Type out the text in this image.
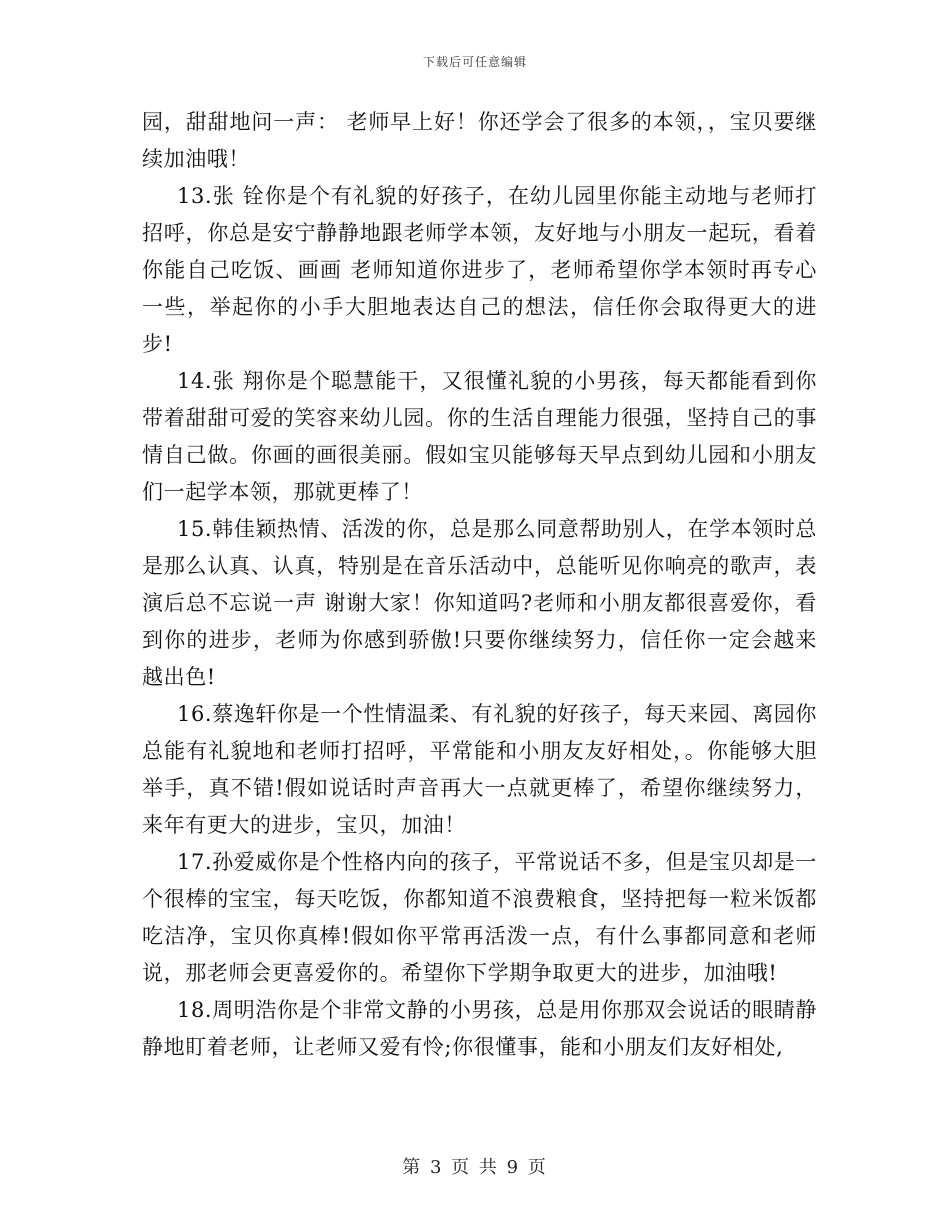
下载后可任意编辑

园，甜甜地问一声： 老师早上好！你还学会了很多的本领，，宝贝要继续加油哦！

13.张 铨你是个有礼貌的好孩子，在幼儿园里你能主动地与老师打招呼，你总是安宁静静地跟老师学本领，友好地与小朋友一起玩，看着你能自己吃饭、画画 老师知道你进步了，老师希望你学本领时再专心一些，举起你的小手大胆地表达自己的想法，信任你会取得更大的进步!

14.张 翔你是个聪慧能干，又很懂礼貌的小男孩，每天都能看到你带着甜甜可爱的笑容来幼儿园。你的生活自理能力很强，坚持自己的事情自己做。你画的画很美丽。假如宝贝能够每天早点到幼儿园和小朋友们一起学本领，那就更棒了！

15.韩佳颖热情、活泼的你，总是那么同意帮助别人，在学本领时总是那么认真、认真，特别是在音乐活动中，总能听见你响亮的歌声，表演后总不忘说一声 谢谢大家！你知道吗?老师和小朋友都很喜爱你，看到你的进步，老师为你感到骄傲!只要你继续努力，信任你一定会越来越出色!

16.蔡逸轩你是一个性情温柔、有礼貌的好孩子，每天来园、离园你总能有礼貌地和老师打招呼，平常能和小朋友友好相处，。你能够大胆举手，真不错!假如说话时声音再大一点就更棒了，希望你继续努力，来年有更大的进步，宝贝，加油！

17.孙爱威你是个性格内向的孩子，平常说话不多，但是宝贝却是一个很棒的宝宝，每天吃饭，你都知道不浪费粮食，坚持把每一粒米饭都吃洁净，宝贝你真棒!假如你平常再活泼一点，有什么事都同意和老师说，那老师会更喜爱你的。希望你下学期争取更大的进步，加油哦!

18.周明浩你是个非常文静的小男孩，总是用你那双会说话的眼睛静静地盯着老师，让老师又爱有怜;你很懂事，能和小朋友们友好相处,

第 3 页 共 9 页
